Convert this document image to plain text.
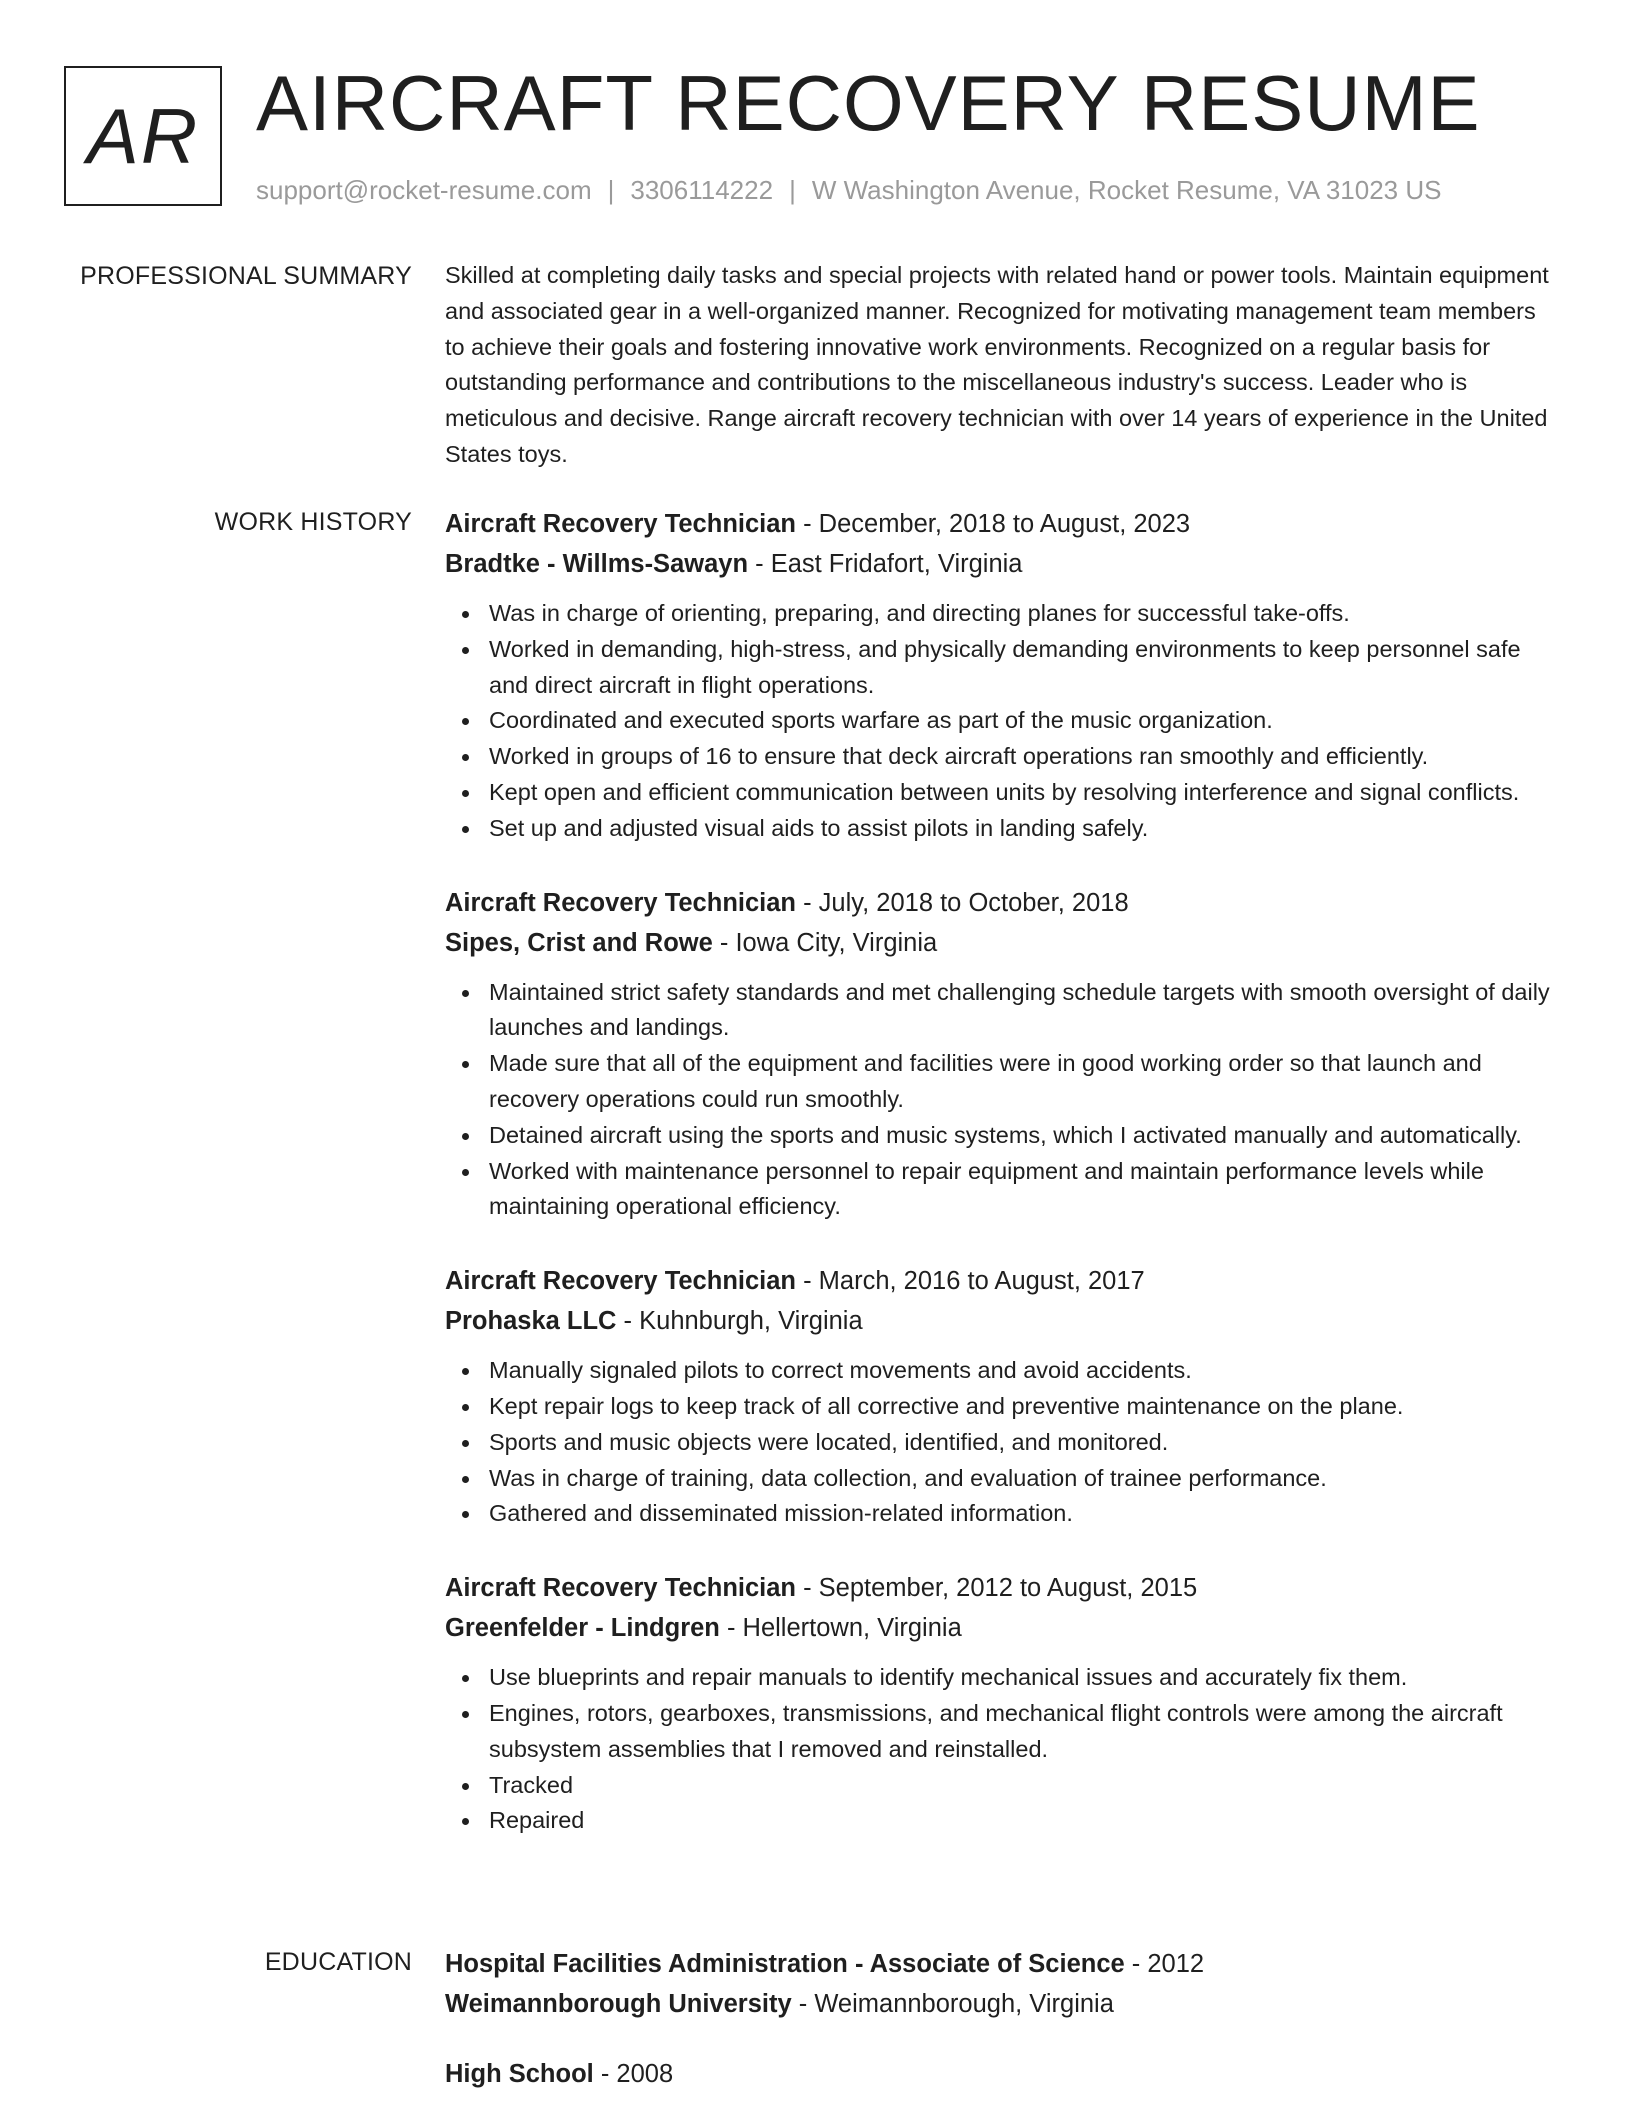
AR AIRCRAFT RECOVERY RESUME
support@rocket-resume.com | 3306114222 | W Washington Avenue, Rocket Resume, VA 31023 US
PROFESSIONAL SUMMARY Skilled at completing daily tasks and special projects with related hand or power tools. Maintain equipment and associated gear in a well-organized manner. Recognized for motivating management team members to achieve their goals and fostering innovative work environments. Recognized on a regular basis for outstanding performance and contributions to the miscellaneous industry's success. Leader who is meticulous and decisive. Range aircraft recovery technician with over 14 years of experience in the United States toys.

WORK HISTORY Aircraft Recovery Technician - December, 2018 to August, 2023
Bradtke - Willms-Sawayn - East Fridafort, Virginia
Was in charge of orienting, preparing, and directing planes for successful take-offs.
Worked in demanding, high-stress, and physically demanding environments to keep personnel safe and direct aircraft in flight operations.
Coordinated and executed sports warfare as part of the music organization.
Worked in groups of 16 to ensure that deck aircraft operations ran smoothly and efficiently.
Kept open and efficient communication between units by resolving interference and signal conflicts.
Set up and adjusted visual aids to assist pilots in landing safely.
Aircraft Recovery Technician - July, 2018 to October, 2018
Sipes, Crist and Rowe - Iowa City, Virginia
Maintained strict safety standards and met challenging schedule targets with smooth oversight of daily launches and landings.
Made sure that all of the equipment and facilities were in good working order so that launch and recovery operations could run smoothly.
Detained aircraft using the sports and music systems, which I activated manually and automatically.
Worked with maintenance personnel to repair equipment and maintain performance levels while maintaining operational efficiency.
Aircraft Recovery Technician - March, 2016 to August, 2017
Prohaska LLC - Kuhnburgh, Virginia
Manually signaled pilots to correct movements and avoid accidents.
Kept repair logs to keep track of all corrective and preventive maintenance on the plane.
Sports and music objects were located, identified, and monitored.
Was in charge of training, data collection, and evaluation of trainee performance.
Gathered and disseminated mission-related information.
Aircraft Recovery Technician - September, 2012 to August, 2015
Greenfelder - Lindgren - Hellertown, Virginia
Use blueprints and repair manuals to identify mechanical issues and accurately fix them.
Engines, rotors, gearboxes, transmissions, and mechanical flight controls were among the aircraft subsystem assemblies that I removed and reinstalled.
Tracked
Repaired
EDUCATION Hospital Facilities Administration - Associate of Science - 2012
Weimannborough University - Weimannborough, Virginia
High School - 2008
